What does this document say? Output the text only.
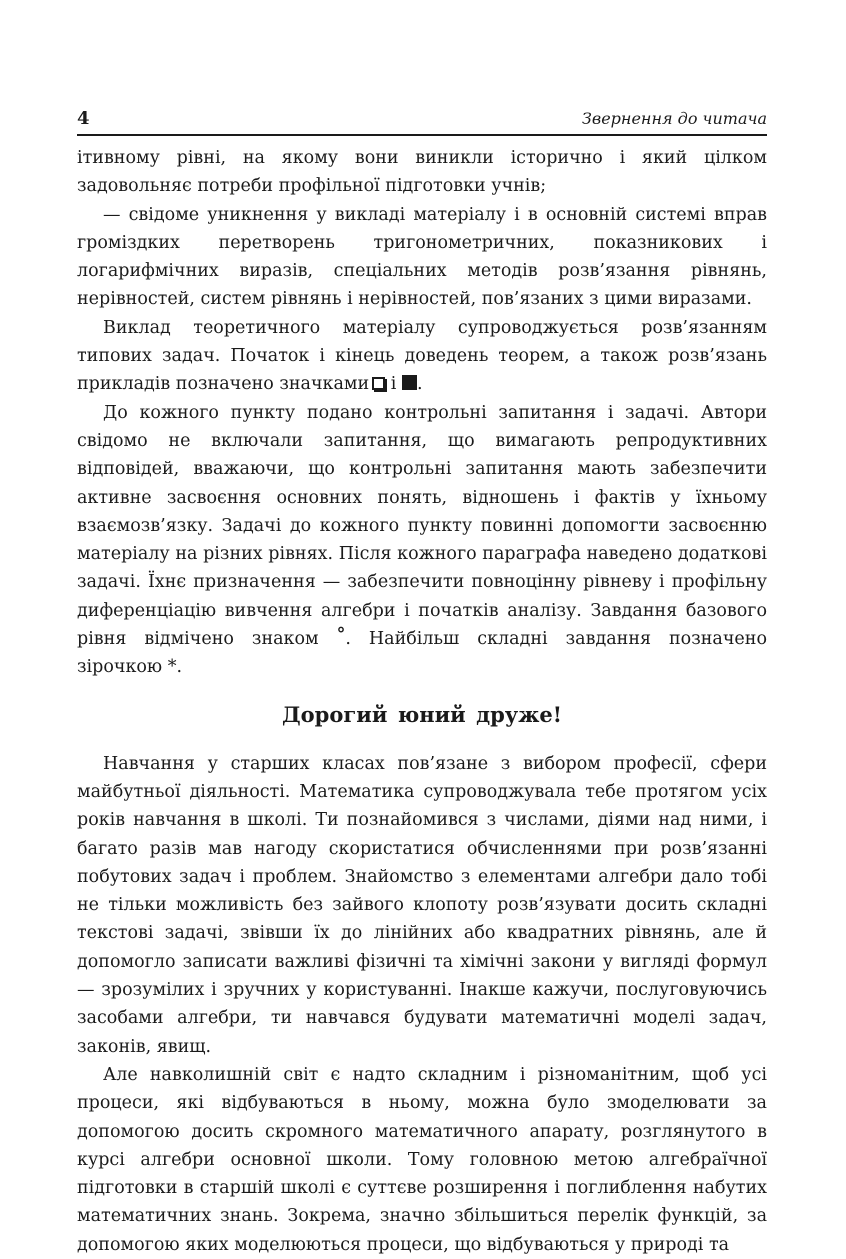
4	Звернення до читача

ітивному рівні, на якому вони виникли історично і який цілком задовольняє потреби профільної підготовки учнів;

— свідоме уникнення у викладі матеріалу і в основній системі вправ громіздких перетворень тригонометричних, показникових і логарифмічних виразів, спеціальних методів розв’язання рівнянь, нерівностей, систем рівнянь і нерівностей, пов’язаних з цими виразами.

Виклад теоретичного матеріалу супроводжується розв’язанням типових задач. Початок і кінець доведень теорем, а також розв’язань прикладів позначено значками і .

До кожного пункту подано контрольні запитання і задачі. Автори свідомо не включали запитання, що вимагають репродуктивних відповідей, вважаючи, що контрольні запитання мають забезпечити активне засвоєння основних понять, відношень і фактів у їхньому взаємозв’язку. Задачі до кожного пункту повинні допомогти засвоєнню матеріалу на різних рівнях. Після кожного параграфа наведено додаткові задачі. Їхнє призначення — забезпечити повноцінну рівневу і профільну диференціацію вивчення алгебри і початків аналізу. Завдання базового рівня відмічено знаком °. Найбільш складні завдання позначено зірочкою *.

Дорогий юний друже!

Навчання у старших класах пов’язане з вибором професії, сфери майбутньої діяльності. Математика супроводжувала тебе протягом усіх років навчання в школі. Ти познайомився з числами, діями над ними, і багато разів мав нагоду скористатися обчисленнями при розв’язанні побутових задач і проблем. Знайомство з елементами алгебри дало тобі не тільки можливість без зайвого клопоту розв’язувати досить складні текстові задачі, звівши їх до лінійних або квадратних рівнянь, але й допомогло записати важливі фізичні та хімічні закони у вигляді формул — зрозумілих і зручних у користуванні. Інакше кажучи, послуговуючись засобами алгебри, ти навчався будувати математичні моделі задач, законів, явищ.

Але навколишній світ є надто складним і різноманітним, щоб усі процеси, які відбуваються в ньому, можна було змоделювати за допомогою досить скромного математичного апарату, розглянутого в курсі алгебри основної школи. Тому головною метою алгебраїчної підготовки в старшій школі є суттєве розширення і поглиблення набутих математичних знань. Зокрема, значно збільшиться перелік функцій, за допомогою яких моделюються процеси, що відбуваються у природі та
